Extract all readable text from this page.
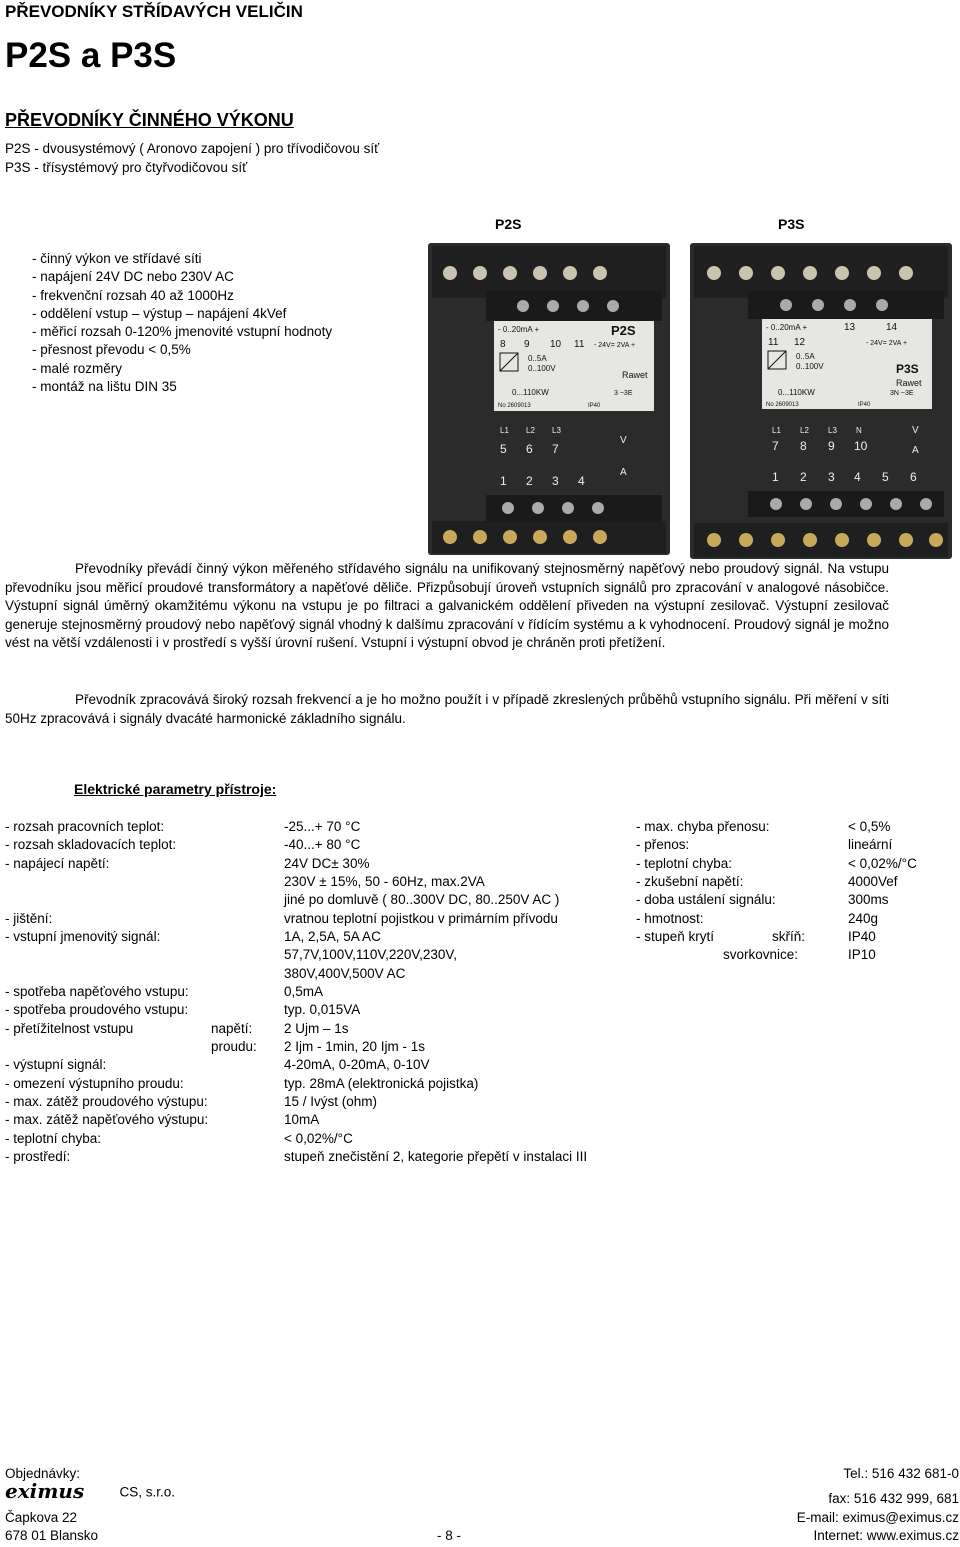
PŘEVODNÍKY STŘÍDAVÝCH VELIČIN
P2S a P3S
PŘEVODNÍKY ČINNÉHO VÝKONU
P2S - dvousystémový ( Aronovo zapojení ) pro třívodičovou síť
P3S - třísystémový pro čtyřvodičovou síť
P2S	P3S
- činný výkon ve střídavé síti
- napájení 24V DC nebo 230V AC
- frekvenční rozsah 40 až 1000Hz
- oddělení vstup – výstup – napájení 4kVef
- měřicí rozsah 0-120% jmenovité vstupní hodnoty
- přesnost převodu < 0,5%
- malé rozměry
- montáž na lištu DIN 35
- 0..20mA +	P2S
8 9 10 11 - 24V= 2VA +
0..5A
0..100V
Rawet
0...110KW	3 ~3E
No 2609013	IP40
L1 L2 L3
5 6 7
V
A
1 2 3 4
- 0..20mA +
P3S
13	14
11 12	- 24V= 2VA +
0..5A
0..100V
Rawet
0...110KW	3N ~3E
No 2609013	IP40
L1 L2 L3 N
7 8 9 10
V
A
1 2 3 4 5 6
Převodníky převádí činný výkon měřeného střídavého signálu na unifikovaný stejnosměrný napěťový nebo proudový signál. Na vstupu převodníku jsou měřicí proudové transformátory a napěťové děliče. Přizpůsobují úroveň vstupních signálů pro zpracování v analogové násobičce. Výstupní signál úměrný okamžitému výkonu na vstupu je po filtraci a galvanickém oddělení přiveden na výstupní zesilovač. Výstupní zesilovač generuje stejnosměrný proudový nebo napěťový signál vhodný k dalšímu zpracování v řídícím systému a k vyhodnocení. Proudový signál je možno vést na větší vzdálenosti i v prostředí s vyšší úrovní rušení. Vstupní i výstupní obvod je chráněn proti přetížení.
Převodník zpracovává široký rozsah frekvencí a je ho možno použít i v případě zkreslených průběhů vstupního signálu. Při měření v síti 50Hz zpracovává i signály dvacáté harmonické základního signálu.
Elektrické parametry přístroje:
- rozsah pracovních teplot:	-25...+ 70 °C
- rozsah skladovacích teplot:	-40...+ 80 °C
- napájecí napětí:	24V DC± 30%
230V ± 15%, 50 - 60Hz, max.2VA
jiné po domluvě ( 80..300V DC, 80..250V AC )
- jištění:	vratnou teplotní pojistkou v primárním přívodu
- vstupní jmenovitý signál:	1A, 2,5A, 5A AC
57,7V,100V,110V,220V,230V,
380V,400V,500V AC
- spotřeba napěťového vstupu:	0,5mA
- spotřeba proudového vstupu:	typ. 0,015VA
- přetížitelnost vstupu	napětí: 2 Ujm – 1s
proudu: 2 Ijm - 1min, 20 Ijm - 1s
- výstupní signál:	4-20mA, 0-20mA, 0-10V
- omezení výstupního proudu:	typ. 28mA (elektronická pojistka)
- max. zátěž proudového výstupu:	15 / Ivýst (ohm)
- max. zátěž napěťového výstupu:	10mA
- teplotní chyba:	< 0,02%/°C
- prostředí:	stupeň znečistění 2, kategorie přepětí v instalaci III
- max. chyba přenosu:	< 0,5%
- přenos:	lineární
- teplotní chyba:	< 0,02%/°C
- zkušební napětí:	4000Vef
- doba ustálení signálu:	300ms
- hmotnost:	240g
- stupeň krytí	skříň:	IP40
svorkovnice:	IP10
Objednávky:
eximus	CS, s.r.o.
Čapkova 22
678 01 Blansko	- 8 -
Tel.: 516 432 681-0
fax: 516 432 999, 681
E-mail: eximus@eximus.cz
Internet: www.eximus.cz
